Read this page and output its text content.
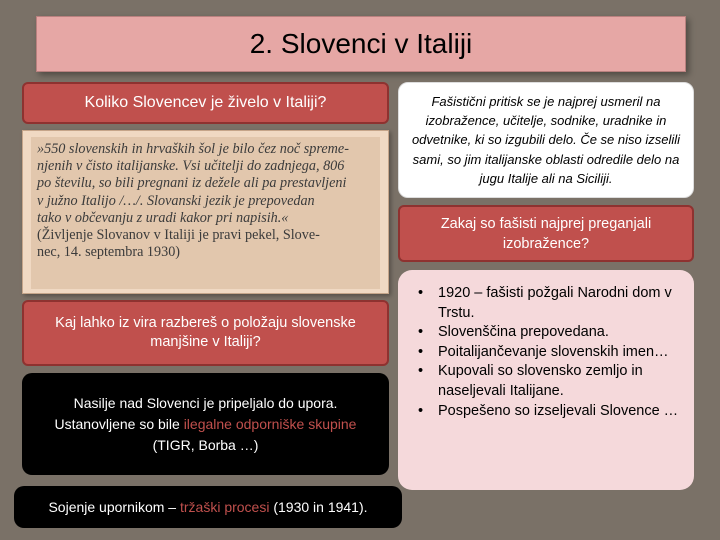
2. Slovenci v Italiji
Koliko Slovencev je živelo v Italiji?
»550 slovenskih in hrvaških šol je bilo čez noč spreme-
njenih v čisto italijanske. Vsi učitelji do zadnjega, 806
po številu, so bili pregnani iz dežele ali pa prestavljeni
v južno Italijo /…/. Slovanski jezik je prepovedan
tako v občevanju z uradi kakor pri napisih.«
(Življenje Slovanov v Italiji je pravi pekel, Slove-
nec, 14. septembra 1930)
Kaj lahko iz vira razbereš o položaju slovenske manjšine v Italiji?
Nasilje nad Slovenci je pripeljalo do upora. Ustanovljene so bile ilegalne odporniške skupine (TIGR, Borba …)
Sojenje upornikom – tržaški procesi (1930 in 1941).
Fašistični pritisk se je najprej usmeril na izobražence, učitelje, sodnike, uradnike in odvetnike, ki so izgubili delo. Če se niso izselili sami, so jim italijanske oblasti odredile delo na jugu Italije ali na Siciliji.
Zakaj so fašisti najprej preganjali izobražence?
• 1920 – fašisti požgali Narodni dom v Trstu.
• Slovenščina prepovedana.
• Poitalijančevanje slovenskih imen…
• Kupovali so slovensko zemljo in naseljevali Italijane.
• Pospešeno so izseljevali Slovence …
